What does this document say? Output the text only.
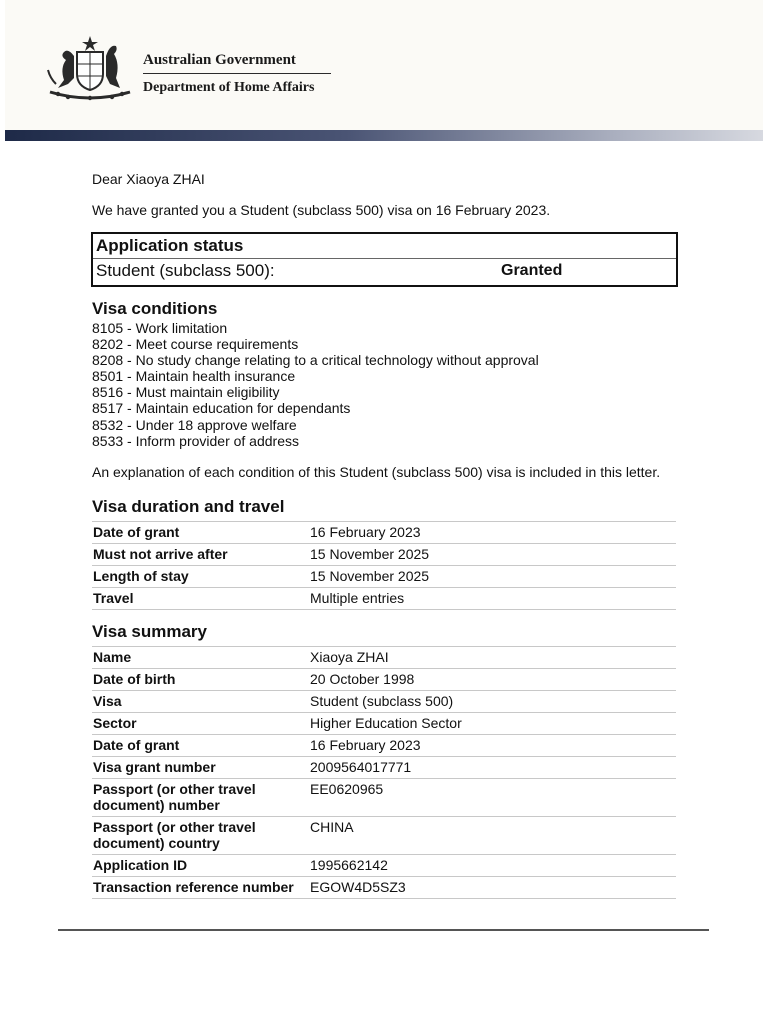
Australian Government

Department of Home Affairs

Dear Xiaoya ZHAI

We have granted you a Student (subclass 500) visa on 16 February 2023.

Application status
Student (subclass 500):	Granted
Visa conditions
8105 - Work limitation
8202 - Meet course requirements
8208 - No study change relating to a critical technology without approval
8501 - Maintain health insurance
8516 - Must maintain eligibility
8517 - Maintain education for dependants
8532 - Under 18 approve welfare
8533 - Inform provider of address

An explanation of each condition of this Student (subclass 500) visa is included in this letter.

Visa duration and travel
Date of grant	16 February 2023
Must not arrive after	15 November 2025
Length of stay	15 November 2025
Travel	Multiple entries
Visa summary
Name	Xiaoya ZHAI
Date of birth	20 October 1998
Visa	Student (subclass 500)
Sector	Higher Education Sector
Date of grant	16 February 2023
Visa grant number	2009564017771
Passport (or other travel document) number	EE0620965
Passport (or other travel document) country	CHINA
Application ID	1995662142
Transaction reference number	EGOW4D5SZ3
